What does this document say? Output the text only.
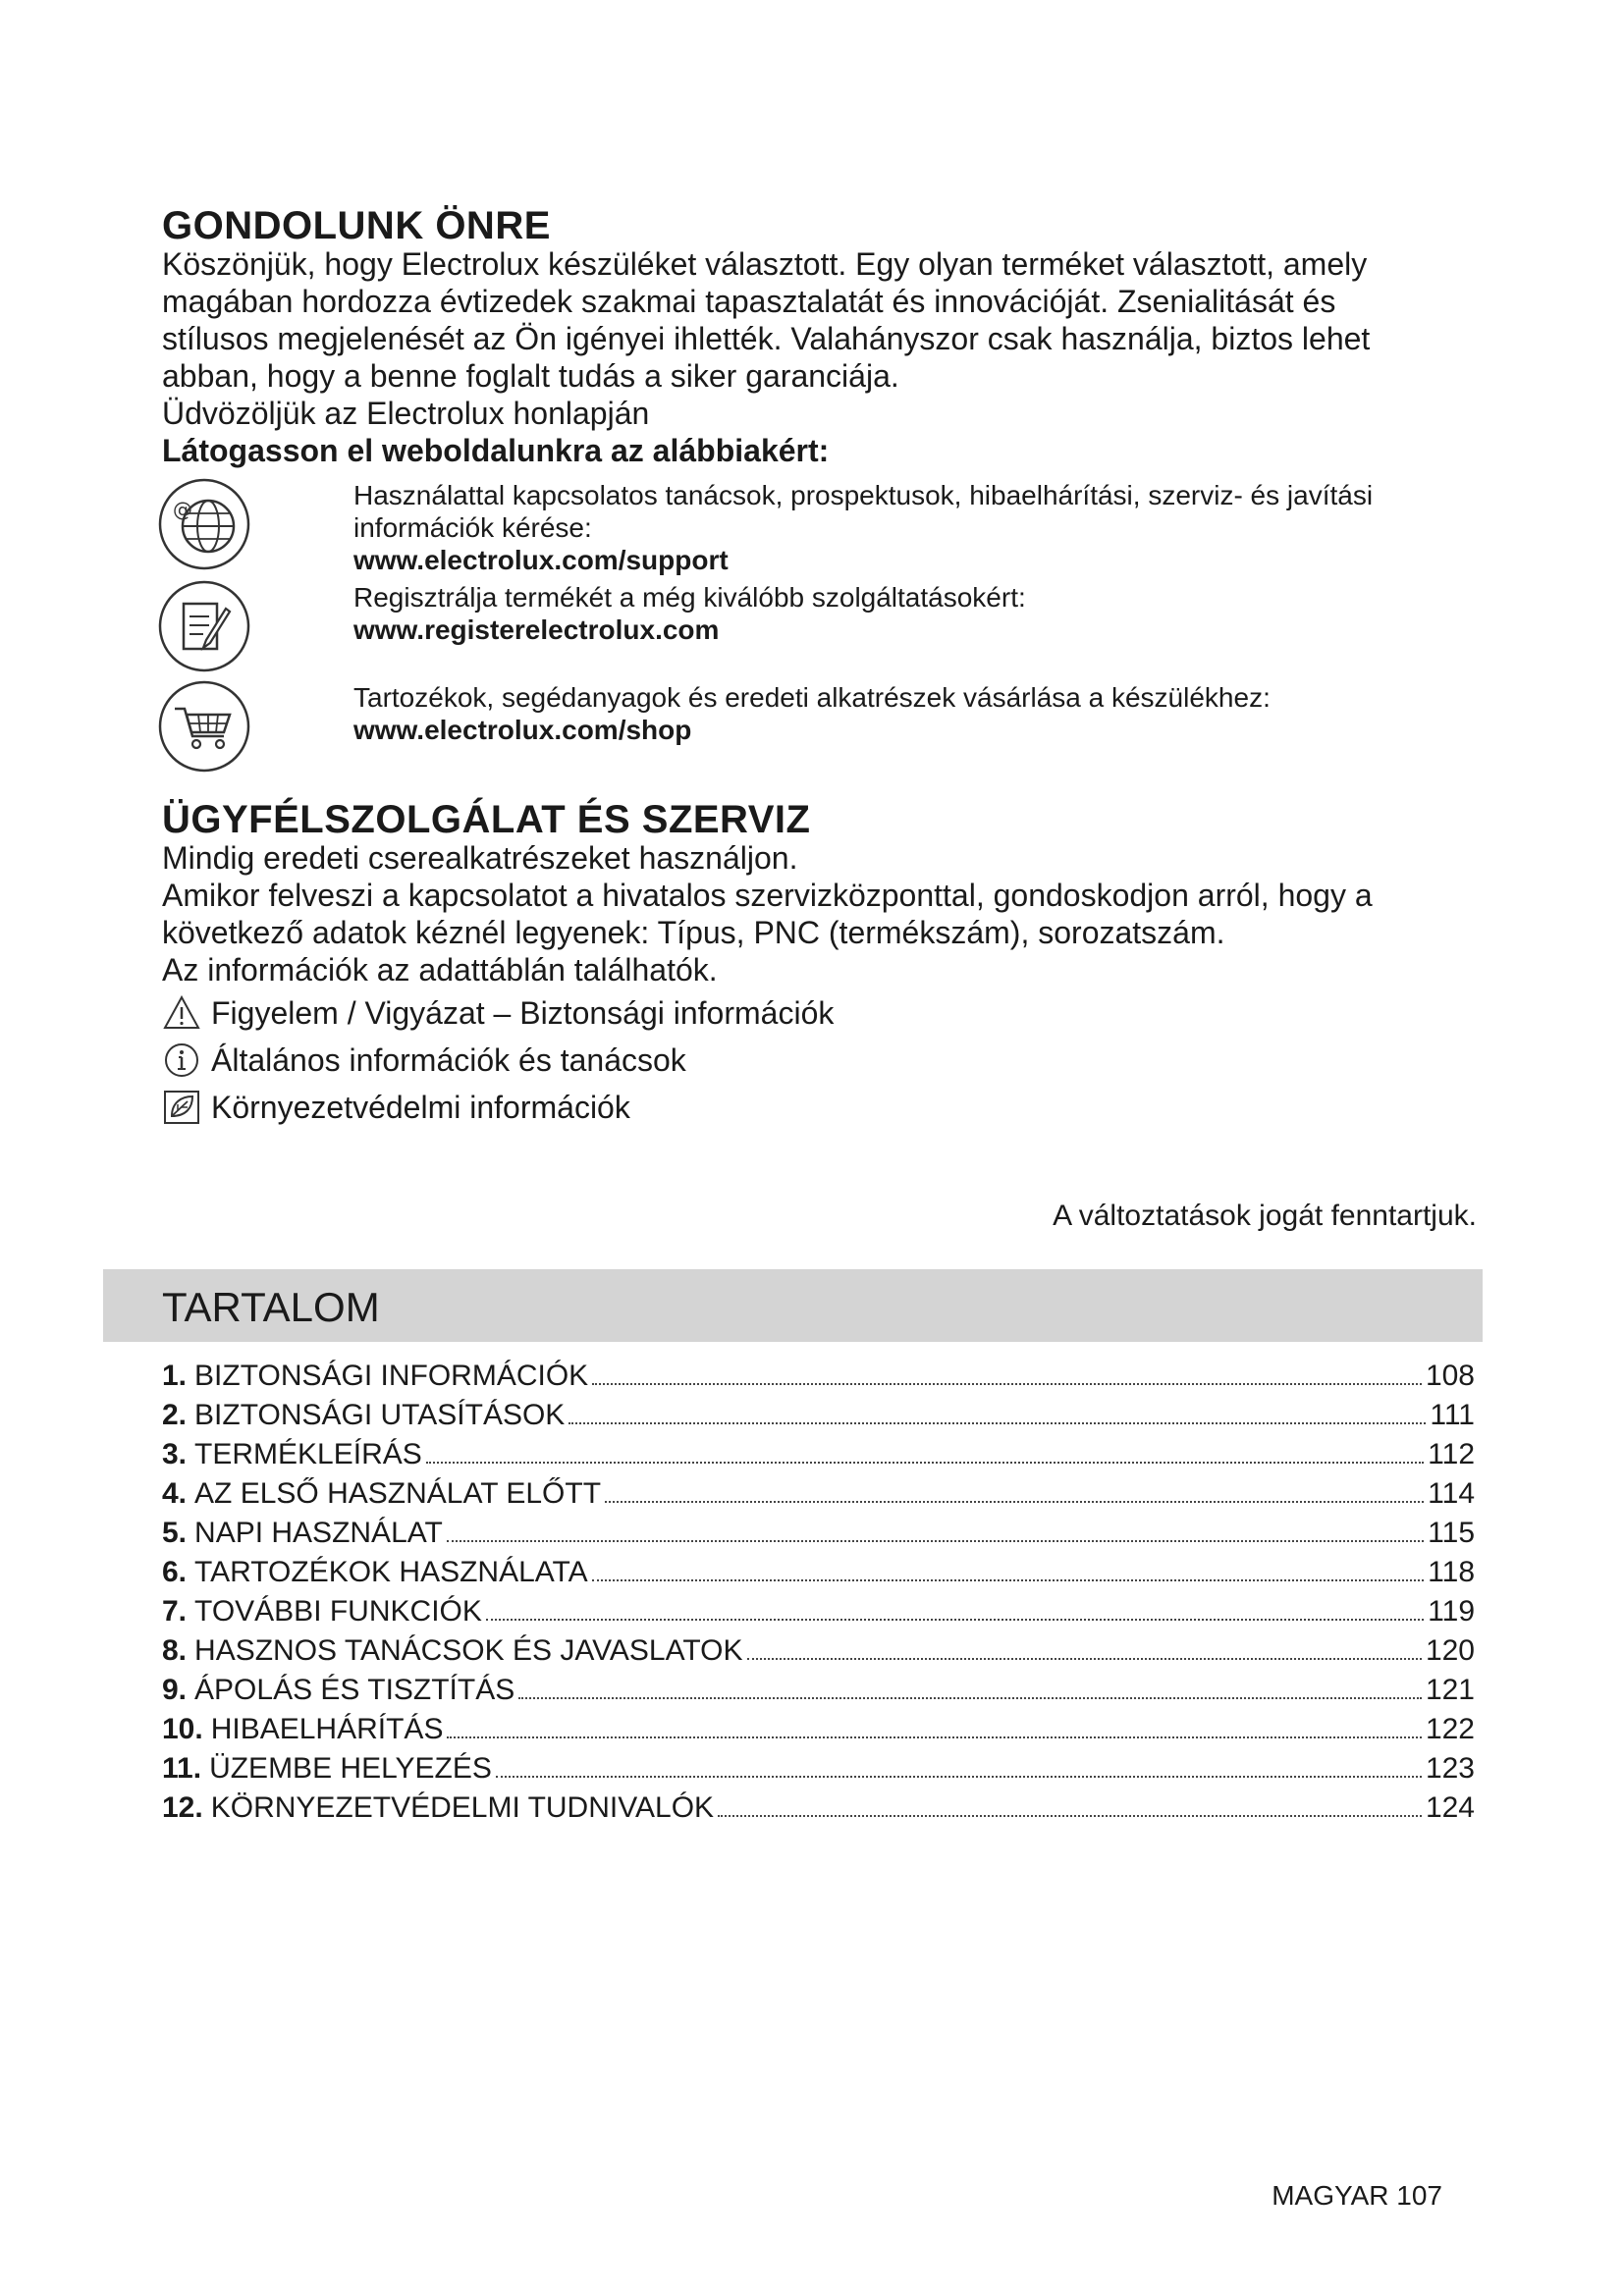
GONDOLUNK ÖNRE
Köszönjük, hogy Electrolux készüléket választott. Egy olyan terméket választott, amely
magában hordozza évtizedek szakmai tapasztalatát és innovációját. Zsenialitását és
stílusos megjelenését az Ön igényei ihlették. Valahányszor csak használja, biztos lehet
abban, hogy a benne foglalt tudás a siker garanciája.
Üdvözöljük az Electrolux honlapján
Látogasson el weboldalunkra az alábbiakért:
@	Használattal kapcsolatos tanácsok, prospektusok, hibaelhárítási, szerviz- és javítási
információk kérése:
www.electrolux.com/support
Regisztrálja termékét a még kiválóbb szolgáltatásokért:
www.registerelectrolux.com
Tartozékok, segédanyagok és eredeti alkatrészek vásárlása a készülékhez:
www.electrolux.com/shop
ÜGYFÉLSZOLGÁLAT ÉS SZERVIZ
Mindig eredeti cserealkatrészeket használjon.
Amikor felveszi a kapcsolatot a hivatalos szervizközponttal, gondoskodjon arról, hogy a
következő adatok kéznél legyenek: Típus, PNC (termékszám), sorozatszám.
Az információk az adattáblán találhatók.
Figyelem / Vigyázat – Biztonsági információk
Általános információk és tanácsok
Környezetvédelmi információk
A változtatások jogát fenntartjuk.
TARTALOM
1. BIZTONSÁGI INFORMÁCIÓK	108
2. BIZTONSÁGI UTASÍTÁSOK	111
3. TERMÉKLEÍRÁS	112
4. AZ ELSŐ HASZNÁLAT ELŐTT	114
5. NAPI HASZNÁLAT	115
6. TARTOZÉKOK HASZNÁLATA	118
7. TOVÁBBI FUNKCIÓK	119
8. HASZNOS TANÁCSOK ÉS JAVASLATOK	120
9. ÁPOLÁS ÉS TISZTÍTÁS	121
10. HIBAELHÁRÍTÁS	122
11. ÜZEMBE HELYEZÉS	123
12. KÖRNYEZETVÉDELMI TUDNIVALÓK	124
MAGYAR 107
